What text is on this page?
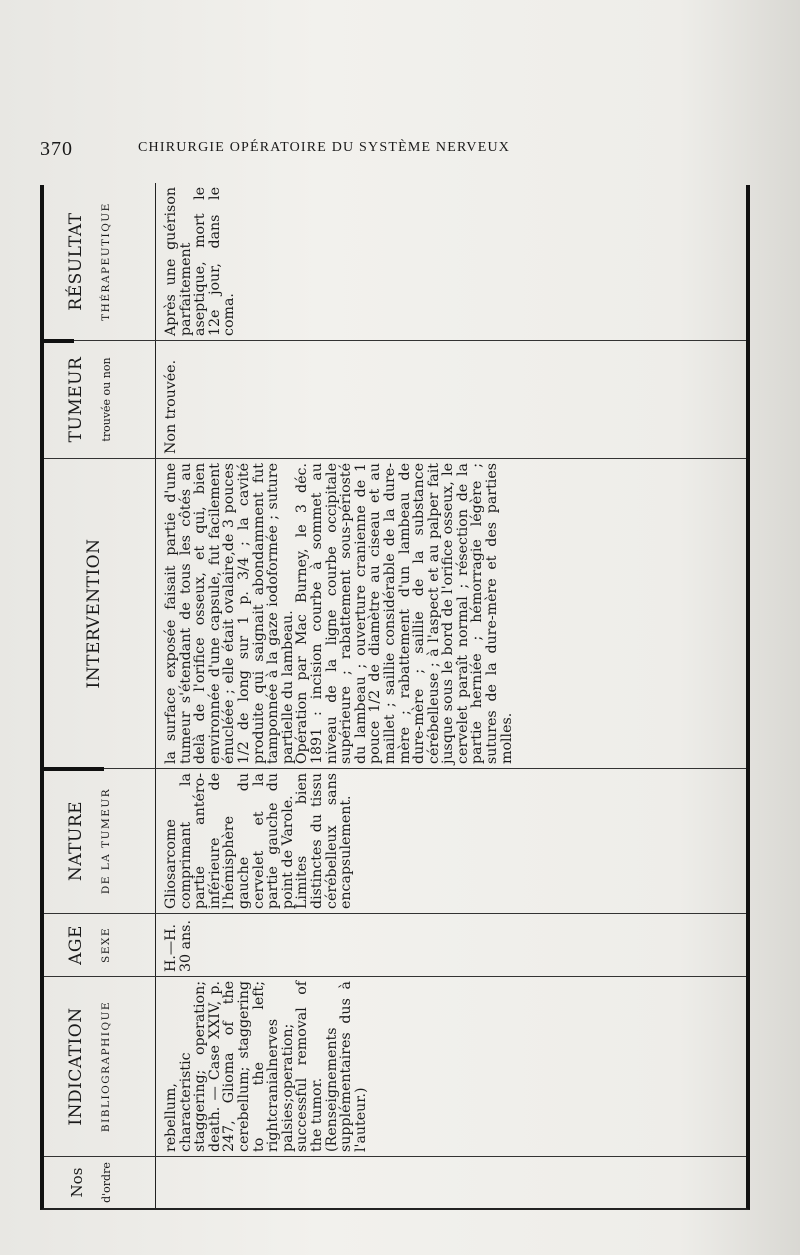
370	CHIRURGIE OPÉRATOIRE DU SYSTÈME NERVEUX
Nos d'ordre
INDICATION BIBLIOGRAPHIQUE	rebellum, characteristic staggering; operation; death. — Case XXIV, p. 247, Glioma of the cerebellum; staggering to the left; rightcranialnerves palsies;operation; successful removal of the tumor.

(Renseignements supplémentaires dus à l'auteur.)

AGE SEXE	H.—H. 30 ans.
NATURE DE LA TUMEUR	Gliosarcome comprimant la partie antéro-inférieure de l'hémisphère gauche du cervelet et la partie gauche du point de Varole.

Limites bien distinctes du tissu cérébelleux sans encapsulement.

INTERVENTION	la surface exposée faisait partie d'une tumeur s'étendant de tous les côtés au delà de l'orifice osseux, et qui, bien environnée d'une capsule, fut facilement énucléée ; elle était ovalaire,de 3 pouces 1/2 de long sur 1 p. 3/4 ; la cavité produite qui saignait abondamment fut tamponnée à la gaze iodoformée ; suture partielle du lambeau.

Opération par Mac Burney, le 3 déc. 1891 : incision courbe à sommet au niveau de la ligne courbe occipitale supérieure ; rabattement sous-périosté du lambeau ; ouverture cranienne de 1 pouce 1/2 de diamètre au ciseau et au maillet ; saillie considérable de la dure-mère ; rabattement d'un lambeau de dure-mère ; saillie de la substance cérébelleuse ; à l'aspect et au palper fait jusque sous le bord de l'orifice osseux, le cervelet paraît normal ; résection de la partie herniée ; hémorragie légère ; sutures de la dure-mère et des parties molles.

TUMEUR trouvée ou non	Non trouvée.
RÉSULTAT THÉRAPEUTIQUE	Après une guérison parfaitement aseptique, mort le 12e jour, dans le coma.
